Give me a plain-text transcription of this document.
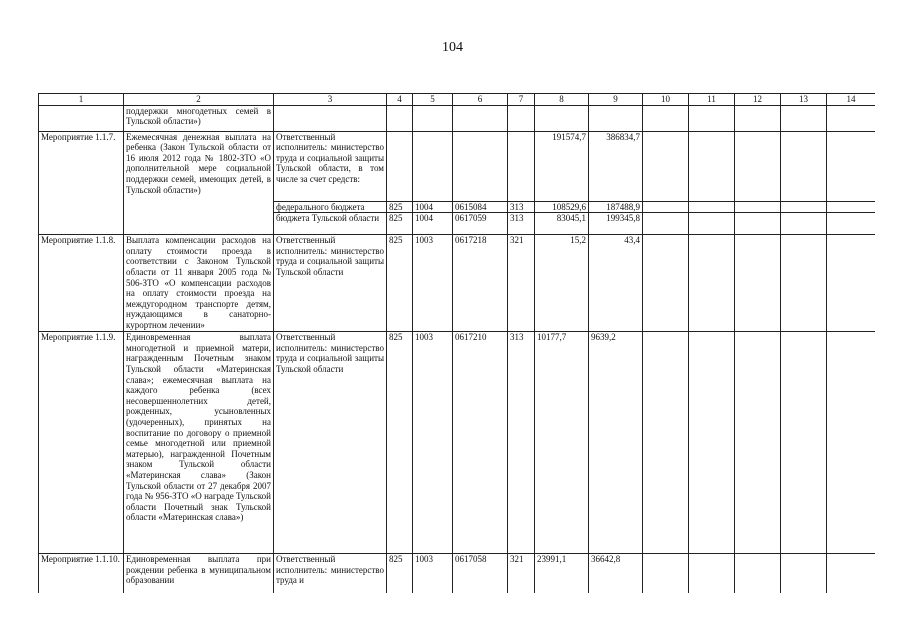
104
1	2	3	4	5	6	7	8	9	10	11	12	13	14
	поддержки многодетных семей в Тульской области»)												
Мероприятие 1.1.7.	Ежемесячная денежная выплата на ребенка (Закон Тульской области от 16 июля 2012 года № 1802-ЗТО «О дополнительной мере социальной поддержки семей, имеющих детей, в Тульской области»)	Ответственный исполнитель: министерство труда и социальной защиты Тульской области, в том числе за счет средств:					191574,7	386834,7					
		федерального бюджета	825	1004	0615084	313	108529,6	187488,9					
		бюджета Тульской области	825	1004	0617059	313	83045,1	199345,8					
Мероприятие 1.1.8.	Выплата компенсации расходов на оплату стоимости проезда в соответствии с Законом Тульской области от 11 января 2005 года № 506-ЗТО «О компенсации расходов на оплату стоимости проезда на междугородном транспорте детям, нуждающимся в санаторно-курортном лечении»	Ответственный исполнитель: министерство труда и социальной защиты Тульской области	825	1003	0617218	321	15,2	43,4					
Мероприятие 1.1.9.	Единовременная выплата многодетной и приемной матери, награжденным Почетным знаком Тульской области «Материнская слава»; ежемесячная выплата на каждого ребенка (всех несовершеннолетних детей, рожденных, усыновленных (удочеренных), принятых на воспитание по договору о приемной семье многодетной или приемной матерью), награжденной Почетным знаком Тульской области «Материнская слава» (Закон Тульской области от 27 декабря 2007 года № 956-ЗТО «О награде Тульской области Почетный знак Тульской области «Материнская слава»)	Ответственный исполнитель: министерство труда и социальной защиты Тульской области	825	1003	0617210	313	10177,7	9639,2					
Мероприятие 1.1.10.	Единовременная выплата при рождении ребенка в муниципальном образовании	Ответственный исполнитель: министерство труда и	825	1003	0617058	321	23991,1	36642,8					
